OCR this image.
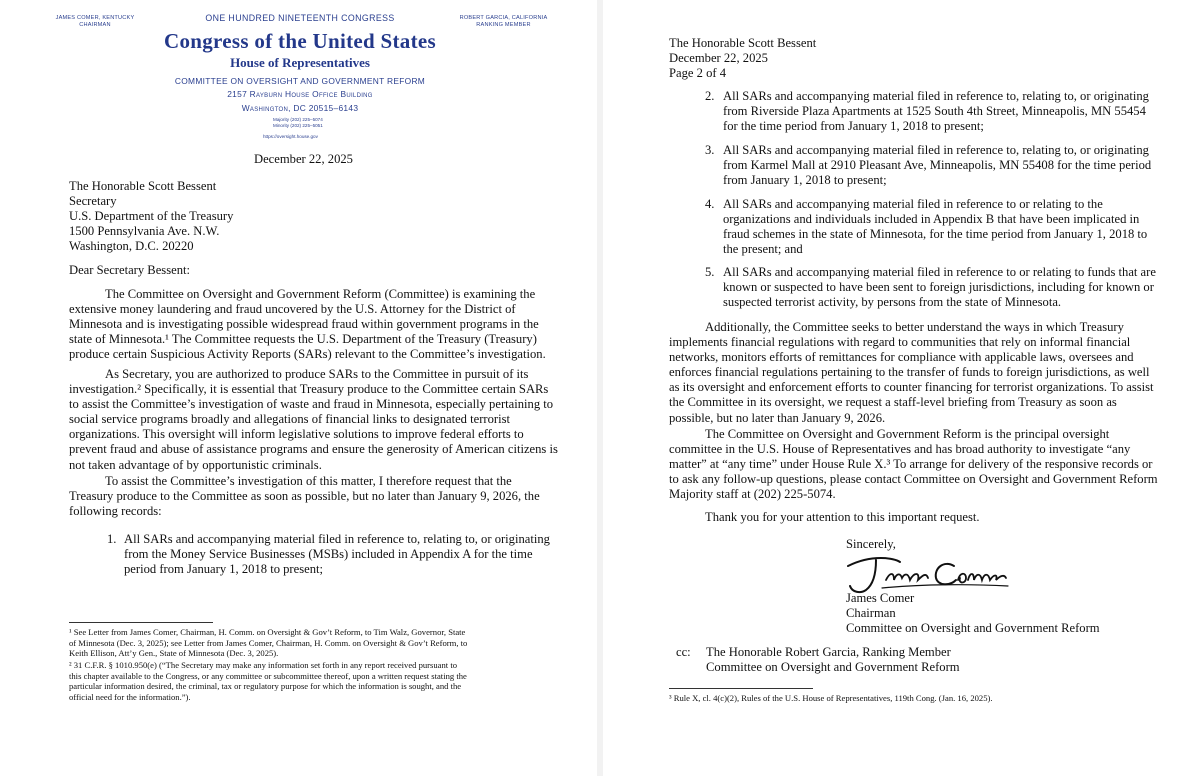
JAMES COMER, KENTUCKY
CHAIRMAN
ONE HUNDRED NINETEENTH CONGRESS	ROBERT GARCIA, CALIFORNIA
RANKING MEMBER
Congress of the United States
House of Representatives
COMMITTEE ON OVERSIGHT AND GOVERNMENT REFORM
2157 Rayburn House Office Building
Washington, DC 20515–6143
Majority (202) 225–5074
Minority (202) 225–5051
https://oversight.house.gov
December 22, 2025
The Honorable Scott Bessent
Secretary
U.S. Department of the Treasury
1500 Pennsylvania Ave. N.W.
Washington, D.C. 20220
Dear Secretary Bessent:
The Committee on Oversight and Government Reform (Committee) is examining the
extensive money laundering and fraud uncovered by the U.S. Attorney for the District of
Minnesota and is investigating possible widespread fraud within government programs in the
state of Minnesota.¹ The Committee requests the U.S. Department of the Treasury (Treasury)
produce certain Suspicious Activity Reports (SARs) relevant to the Committee’s investigation.
As Secretary, you are authorized to produce SARs to the Committee in pursuit of its
investigation.² Specifically, it is essential that Treasury produce to the Committee certain SARs
to assist the Committee’s investigation of waste and fraud in Minnesota, especially pertaining to
social service programs broadly and allegations of financial links to designated terrorist
organizations. This oversight will inform legislative solutions to improve federal efforts to
prevent fraud and abuse of assistance programs and ensure the generosity of American citizens is
not taken advantage of by opportunistic criminals.
To assist the Committee’s investigation of this matter, I therefore request that the
Treasury produce to the Committee as soon as possible, but no later than January 9, 2026, the
following records:
1. All SARs and accompanying material filed in reference to, relating to, or originating
from the Money Service Businesses (MSBs) included in Appendix A for the time
period from January 1, 2018 to present;
¹ See Letter from James Comer, Chairman, H. Comm. on Oversight & Gov’t Reform, to Tim Walz, Governor, State
of Minnesota (Dec. 3, 2025); see Letter from James Comer, Chairman, H. Comm. on Oversight & Gov’t Reform, to
Keith Ellison, Att’y Gen., State of Minnesota (Dec. 3, 2025).
² 31 C.F.R. § 1010.950(e) (“The Secretary may make any information set forth in any report received pursuant to
this chapter available to the Congress, or any committee or subcommittee thereof, upon a written request stating the
particular information desired, the criminal, tax or regulatory purpose for which the information is sought, and the
official need for the information.”).
The Honorable Scott Bessent
December 22, 2025
Page 2 of 4
2. All SARs and accompanying material filed in reference to, relating to, or originating
from Riverside Plaza Apartments at 1525 South 4th Street, Minneapolis, MN 55454
for the time period from January 1, 2018 to present;
3. All SARs and accompanying material filed in reference to, relating to, or originating
from Karmel Mall at 2910 Pleasant Ave, Minneapolis, MN 55408 for the time period
from January 1, 2018 to present;
4. All SARs and accompanying material filed in reference to or relating to the
organizations and individuals included in Appendix B that have been implicated in
fraud schemes in the state of Minnesota, for the time period from January 1, 2018 to
the present; and
5. All SARs and accompanying material filed in reference to or relating to funds that are
known or suspected to have been sent to foreign jurisdictions, including for known or
suspected terrorist activity, by persons from the state of Minnesota.
Additionally, the Committee seeks to better understand the ways in which Treasury
implements financial regulations with regard to communities that rely on informal financial
networks, monitors efforts of remittances for compliance with applicable laws, oversees and
enforces financial regulations pertaining to the transfer of funds to foreign jurisdictions, as well
as its oversight and enforcement efforts to counter financing for terrorist organizations. To assist
the Committee in its oversight, we request a staff-level briefing from Treasury as soon as
possible, but no later than January 9, 2026.
The Committee on Oversight and Government Reform is the principal oversight
committee in the U.S. House of Representatives and has broad authority to investigate “any
matter” at “any time” under House Rule X.³ To arrange for delivery of the responsive records or
to ask any follow-up questions, please contact Committee on Oversight and Government Reform
Majority staff at (202) 225-5074.
Thank you for your attention to this important request.
Sincerely,
James Comer
Chairman
Committee on Oversight and Government Reform
cc: The Honorable Robert Garcia, Ranking Member
Committee on Oversight and Government Reform
³ Rule X, cl. 4(c)(2), Rules of the U.S. House of Representatives, 119th Cong. (Jan. 16, 2025).
